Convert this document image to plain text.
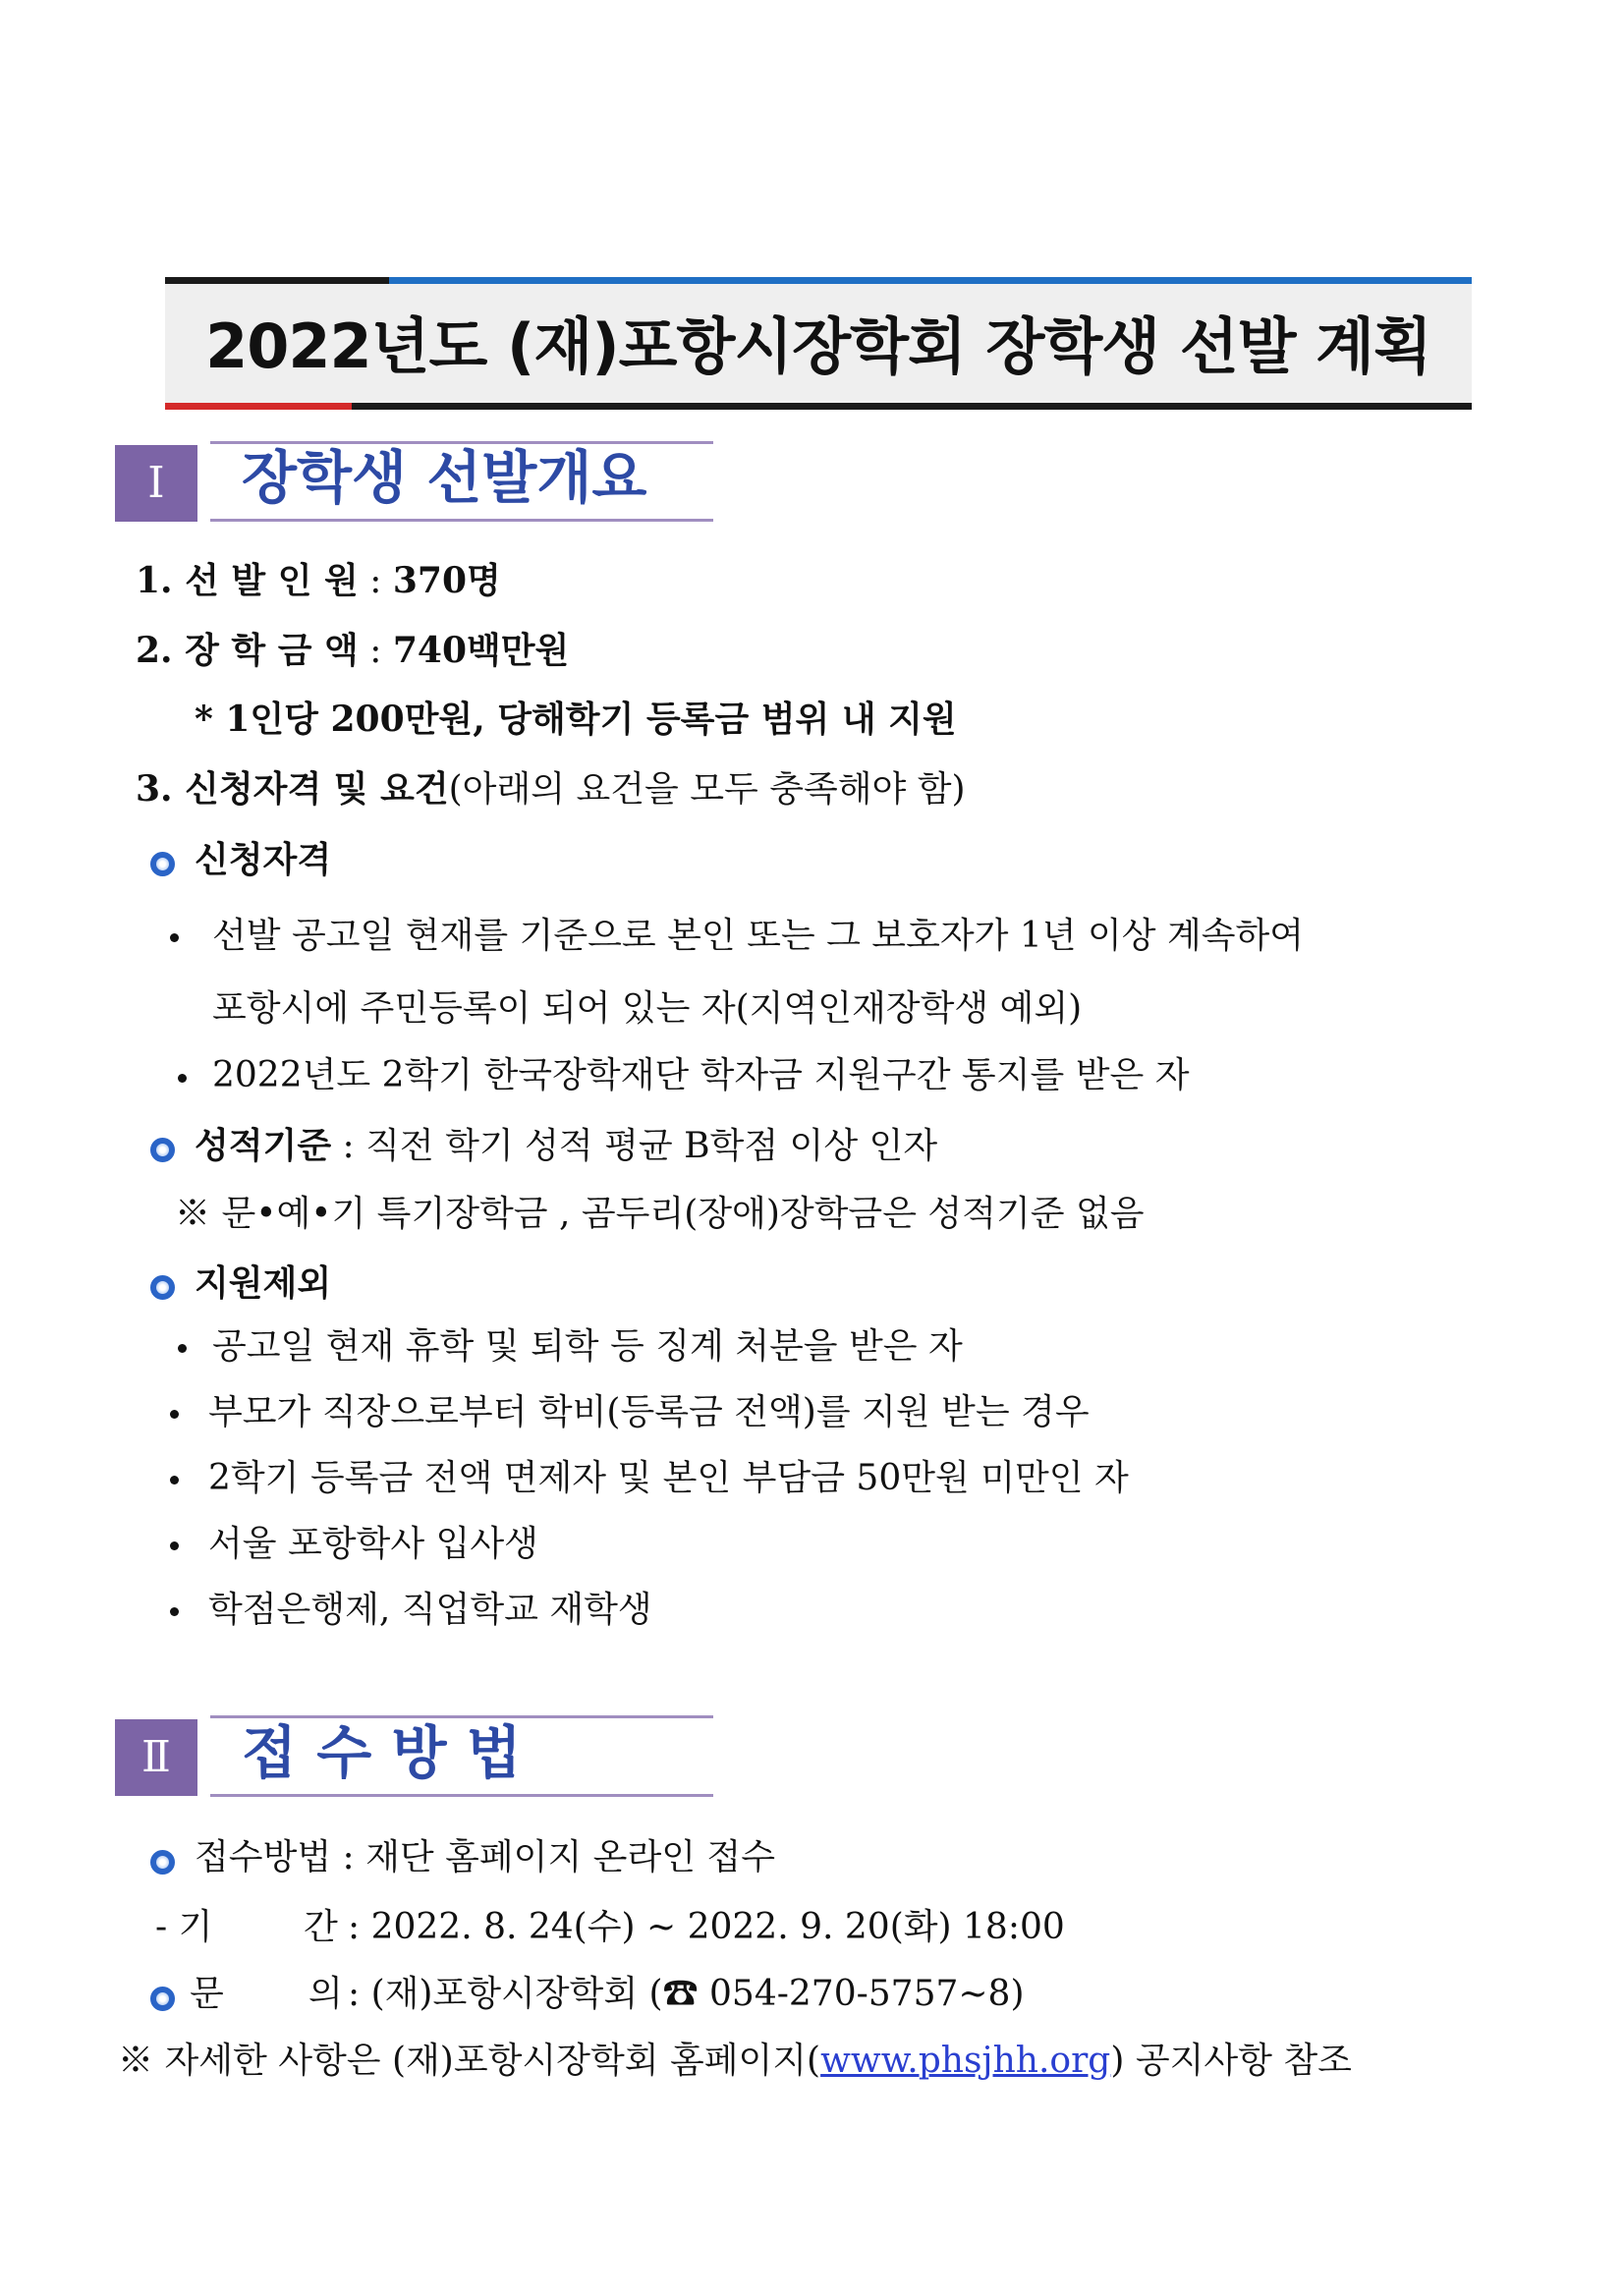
2022년도 (재)포항시장학회 장학생 선발 계획
Ⅰ	장학생 선발개요
1. 선 발 인 원 : 370명
2. 장 학 금 액 : 740백만원
* 1인당 200만원, 당해학기 등록금 범위 내 지원
3. 신청자격 및 요건(아래의 요건을 모두 충족해야 함)
신청자격
선발 공고일 현재를 기준으로 본인 또는 그 보호자가 1년 이상 계속하여
포항시에 주민등록이 되어 있는 자(지역인재장학생 예외)
2022년도 2학기 한국장학재단 학자금 지원구간 통지를 받은 자
성적기준 : 직전 학기 성적 평균 B학점 이상 인자
※ 문•예•기 특기장학금 , 곰두리(장애)장학금은 성적기준 없음
지원제외
공고일 현재 휴학 및 퇴학 등 징계 처분을 받은 자
부모가 직장으로부터 학비(등록금 전액)를 지원 받는 경우
2학기 등록금 전액 면제자 및 본인 부담금 50만원 미만인 자
서울 포항학사 입사생
학점은행제, 직업학교 재학생
Ⅱ	접 수 방 법
접수방법 : 재단 홈페이지 온라인 접수
- 기	간 : 2022. 8. 24(수) ~ 2022. 9. 20(화) 18:00
문 의 : (재)포항시장학회 (☎ 054-270-5757~8)
※ 자세한 사항은 (재)포항시장학회 홈페이지(www.phsjhh.org) 공지사항 참조
